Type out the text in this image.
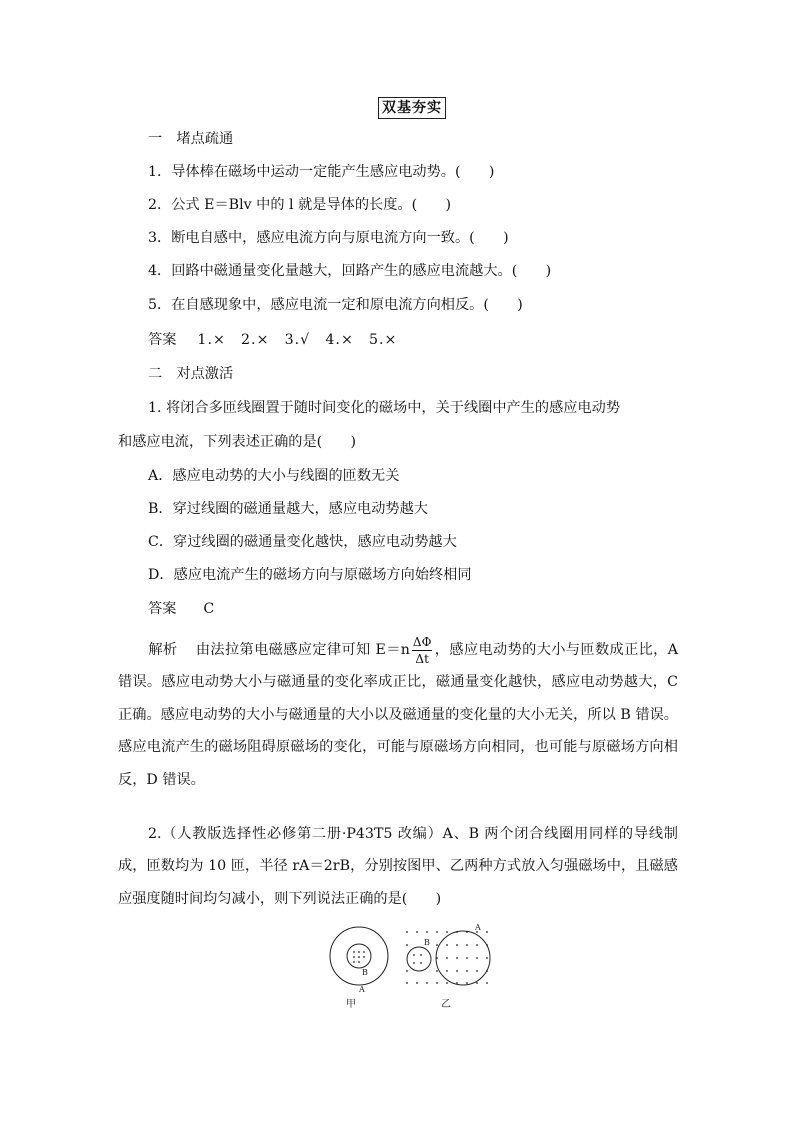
双基夯实
一　堵点疏通
1．导体棒在磁场中运动一定能产生感应电动势。(　　)
2．公式 E＝Blv 中的 l 就是导体的长度。(　　)
3．断电自感中，感应电流方向与原电流方向一致。(　　)
4．回路中磁通量变化量越大，回路产生的感应电流越大。(　　)
5．在自感现象中，感应电流一定和原电流方向相反。(　　)
答案 1.×　2.×　3.√　4.×　5.×
二　对点激活
1. 将闭合多匝线圈置于随时间变化的磁场中，关于线圈中产生的感应电动势
和感应电流，下列表述正确的是(　　)
A．感应电动势的大小与线圈的匝数无关
B．穿过线圈的磁通量越大，感应电动势越大
C．穿过线圈的磁通量变化越快，感应电动势越大
D．感应电流产生的磁场方向与原磁场方向始终相同
答案 C
解析 由法拉第电磁感应定律可知 $E=n \frac{\Delta\Phi}{\Delta t}$ ，感应电动势的大小与匝数成正比，A 错误。感应电动势大小与磁通量的变化率成正比，磁通量变化越快，感应电动势越大，C 正确。感应电动势的大小与磁通量的大小以及磁通量的变化量的大小无关，所以 B 错误。感应电流产生的磁场阻碍原磁场的变化，可能与原磁场方向相同，也可能与原磁场方向相反，D 错误。
2.（人教版选择性必修第二册·P43T5 改编）A、B 两个闭合线圈用同样的导线制成，匝数均为 10 匝，半径 rA＝2rB，分别按图甲、乙两种方式放入匀强磁场中，且磁感应强度随时间均匀减小，则下列说法正确的是(　　)
B
A
甲
B
A
乙
